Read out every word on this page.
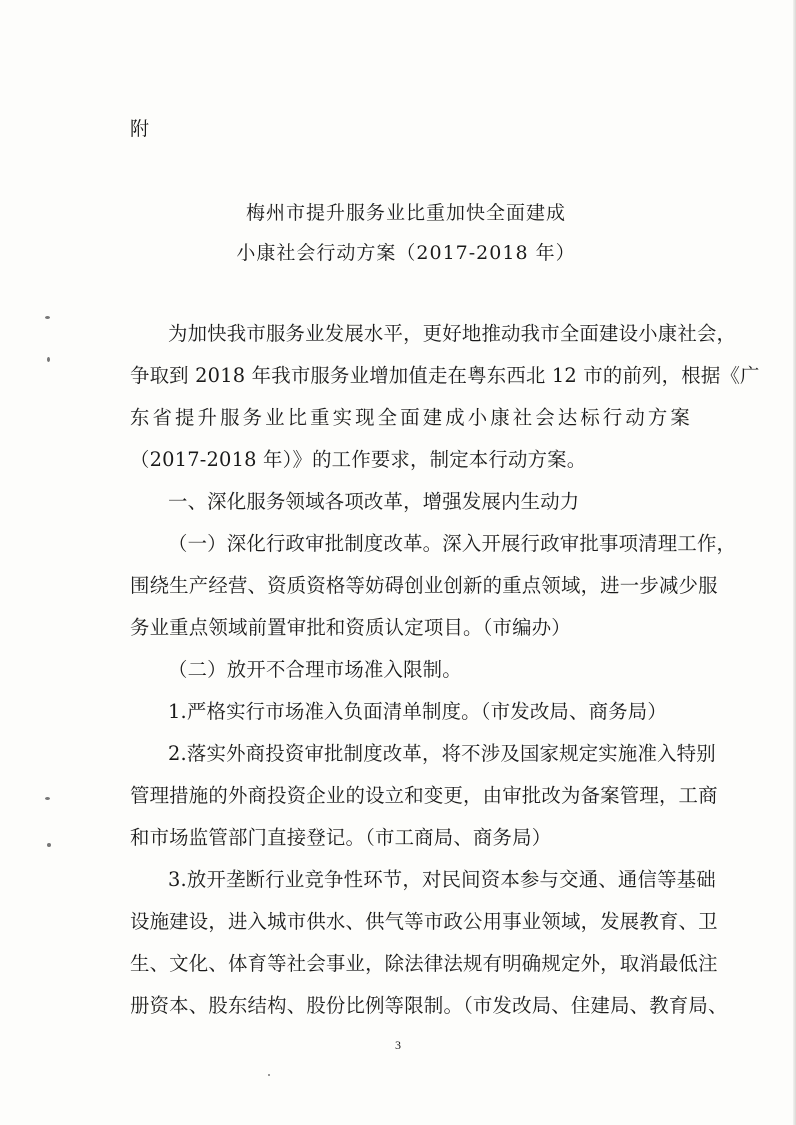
附
梅州市提升服务业比重加快全面建成
小康社会行动方案（2017-2018 年）
为加快我市服务业发展水平，更好地推动我市全面建设小康社会，
争取到 2018 年我市服务业增加值走在粤东西北 12 市的前列，根据《广
东省提升服务业比重实现全面建成小康社会达标行动方案
（2017-2018 年）》的工作要求，制定本行动方案。
一、深化服务领域各项改革，增强发展内生动力
（一）深化行政审批制度改革。深入开展行政审批事项清理工作，
围绕生产经营、资质资格等妨碍创业创新的重点领域，进一步减少服
务业重点领域前置审批和资质认定项目。（市编办）
（二）放开不合理市场准入限制。
1.严格实行市场准入负面清单制度。（市发改局、商务局）
2.落实外商投资审批制度改革，将不涉及国家规定实施准入特别
管理措施的外商投资企业的设立和变更，由审批改为备案管理，工商
和市场监管部门直接登记。（市工商局、商务局）
3.放开垄断行业竞争性环节，对民间资本参与交通、通信等基础
设施建设，进入城市供水、供气等市政公用事业领域，发展教育、卫
生、文化、体育等社会事业，除法律法规有明确规定外，取消最低注
册资本、股东结构、股份比例等限制。（市发改局、住建局、教育局、
3
